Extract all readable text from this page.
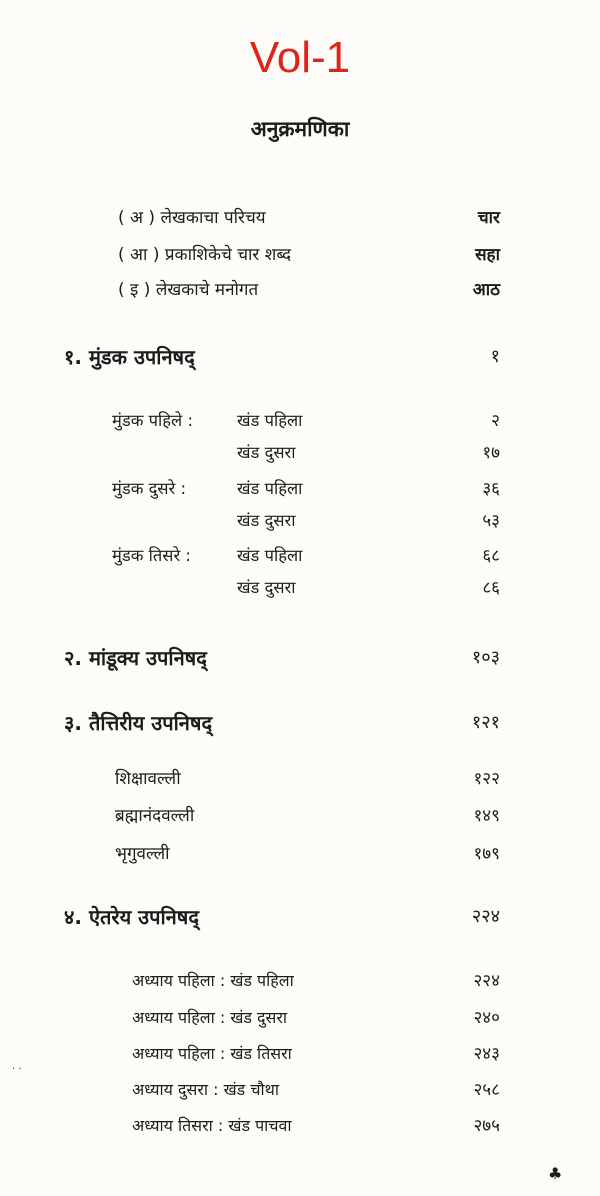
Vol-1
अनुक्रमणिका
( अ ) लेखकाचा परिचय	चार
( आ ) प्रकाशिकेचे चार शब्द	सहा
( इ ) लेखकाचे मनोगत	आठ
१. मुंडक उपनिषद्	१
मुंडक पहिले :	खंड पहिला	२
खंड दुसरा	१७
मुंडक दुसरे :	खंड पहिला	३६
खंड दुसरा	५३
मुंडक तिसरे :	खंड पहिला	६८
खंड दुसरा	८६
२. मांडूक्य उपनिषद्	१०३
३. तैत्तिरीय उपनिषद्	१२१
शिक्षावल्ली	१२२
ब्रह्मानंदवल्ली	१४९
भृगुवल्ली	१७९
४. ऐतरेय उपनिषद्	२२४
अध्याय पहिला : खंड पहिला	२२४
अध्याय पहिला : खंड दुसरा	२४०
अध्याय पहिला : खंड तिसरा	२४३
अध्याय दुसरा : खंड चौथा	२५८
अध्याय तिसरा : खंड पाचवा	२७५
· ·
♣
